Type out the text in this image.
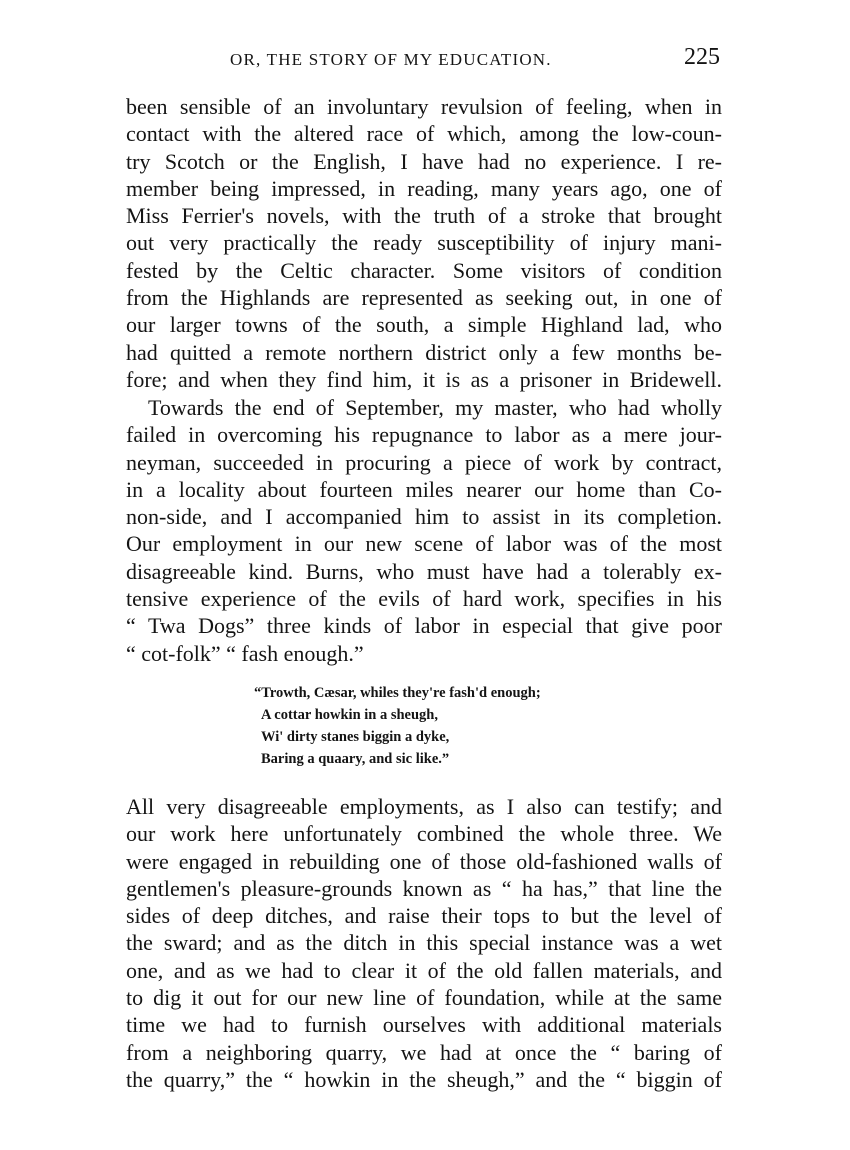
OR, THE STORY OF MY EDUCATION.	225
been sensible of an involuntary revulsion of feeling, when in
contact with the altered race of which, among the low-coun-
try Scotch or the English, I have had no experience. I re-
member being impressed, in reading, many years ago, one of
Miss Ferrier's novels, with the truth of a stroke that brought
out very practically the ready susceptibility of injury mani-
fested by the Celtic character. Some visitors of condition
from the Highlands are represented as seeking out, in one of
our larger towns of the south, a simple Highland lad, who
had quitted a remote northern district only a few months be-
fore; and when they find him, it is as a prisoner in Bridewell.
Towards the end of September, my master, who had wholly
failed in overcoming his repugnance to labor as a mere jour-
neyman, succeeded in procuring a piece of work by contract,
in a locality about fourteen miles nearer our home than Co-
non-side, and I accompanied him to assist in its completion.
Our employment in our new scene of labor was of the most
disagreeable kind. Burns, who must have had a tolerably ex-
tensive experience of the evils of hard work, specifies in his
“ Twa Dogs” three kinds of labor in especial that give poor
“ cot-folk” “ fash enough.”
“Trowth, Cæsar, whiles they're fash'd enough;
A cottar howkin in a sheugh,
Wi' dirty stanes biggin a dyke,
Baring a quaary, and sic like.”
All very disagreeable employments, as I also can testify; and
our work here unfortunately combined the whole three. We
were engaged in rebuilding one of those old-fashioned walls of
gentlemen's pleasure-grounds known as “ ha has,” that line the
sides of deep ditches, and raise their tops to but the level of
the sward; and as the ditch in this special instance was a wet
one, and as we had to clear it of the old fallen materials, and
to dig it out for our new line of foundation, while at the same
time we had to furnish ourselves with additional materials
from a neighboring quarry, we had at once the “ baring of
the quarry,” the “ howkin in the sheugh,” and the “ biggin of
